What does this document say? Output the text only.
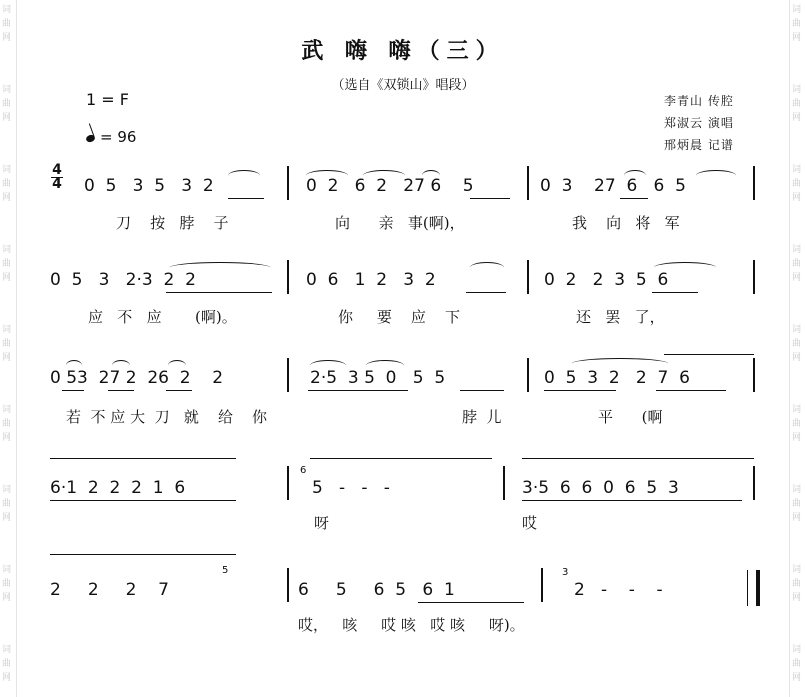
词
曲
网
词
曲
网
词
曲
网
词
曲
网
词
曲
网
词
曲
网
词
曲
网
词
曲
网
词
曲
网
词
曲
网
词
曲
网
词
曲
网
词
曲
网
词
曲
网
词
曲
网
词
曲
网
词
曲
网
词
曲
网
武 嗨 嗨（三）
（选自《双锁山》唱段）
1 = F
= 96
李青山 传腔
郑淑云 演唱
邢炳晨 记谱
4
4 0  5   3  5   3  2	0  2   6  2   27 6    5	0  3    27  6   6  5
刀    按   脖    子	向      亲   事(啊)，	我    向   将   军
0  5   3   2·3  2  2	0  6   1  2   3  2	0  2   2  3  5  6
应   不   应       (啊)。	你     要    应    下	还   罢   了，
0 53  27 2  26  2    2	2·5  3 5  0   5  5	0  5  3  2   2  7  6
若  不 应 大  刀   就    给    你	脖  儿	平      (啊
6·1  2  2  2  1  6
6
5   -   -   -	3·5  6  6  0  6  5  3
呀	哎
5
2     2     2    7	6     5     6  5   6  1
3
2   -    -    -
哎，   咳     哎 咳   哎 咳     呀)。
